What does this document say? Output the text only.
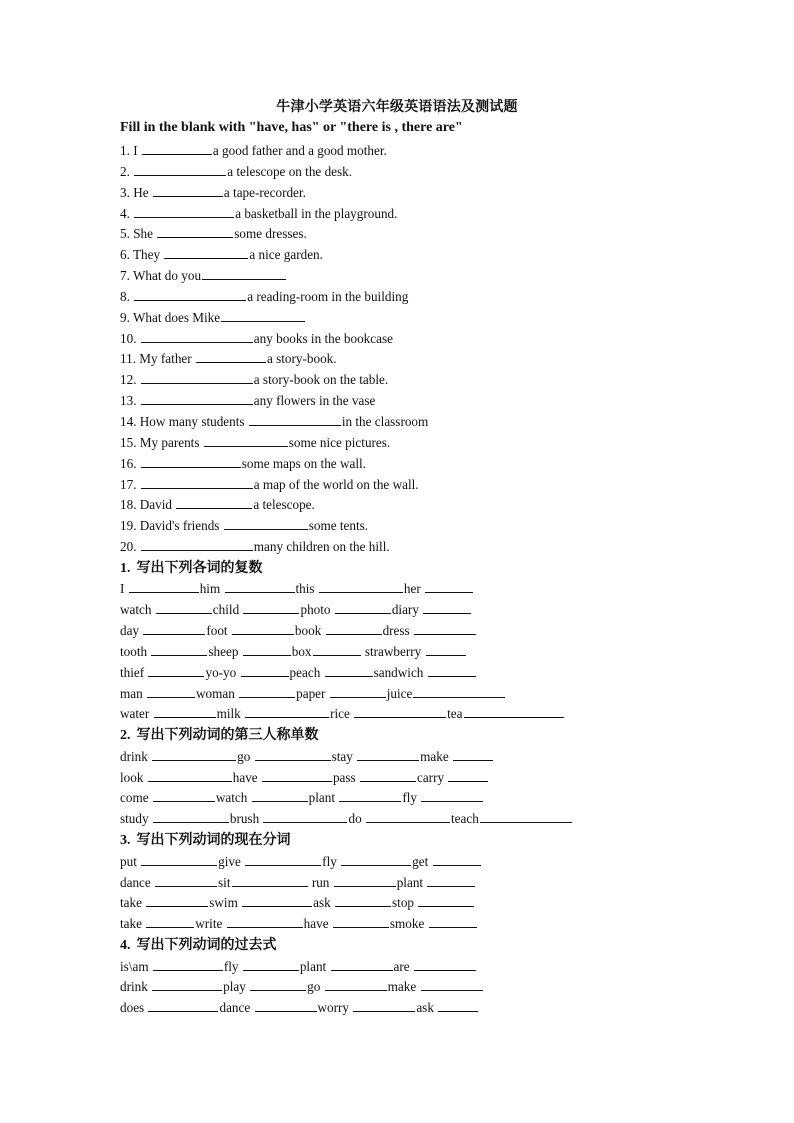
牛津小学英语六年级英语语法及测试题
Fill in the blank with "have, has" or "there is , there are"
1. I	a good father and a good mother.
2.	a telescope on the desk.
3. He	a tape-recorder.
4.	a basketball in the playground.
5. She	some dresses.
6. They	a nice garden.
7. What do you
8.	a reading-room in the building
9. What does Mike
10.	any books in the bookcase
11. My father	a story-book.
12.	a story-book on the table.
13.	any flowers in the vase
14. How many students	in the classroom
15. My parents	some nice pictures.
16.	some maps on the wall.
17.	a map of the world on the wall.
18. David	a telescope.
19. David's friends	some tents.
20.	many children on the hill.
1. 写出下列各词的复数
I	him	this	her
watch	child	photo	diary
day	foot	book	dress
tooth	sheep	box	strawberry
thief	yo-yo	peach	sandwich
man	woman	paper	juice
water	milk	rice	tea
2. 写出下列动词的第三人称单数
drink	go	stay	make
look	have	pass	carry
come	watch	plant	fly
study	brush	do	teach
3. 写出下列动词的现在分词
put	give	fly	get
dance	sit	run	plant
take	swim	ask	stop
take	write	have	smoke
4. 写出下列动词的过去式
is\am	fly	plant	are
drink	play	go	make
does	dance	worry	ask
